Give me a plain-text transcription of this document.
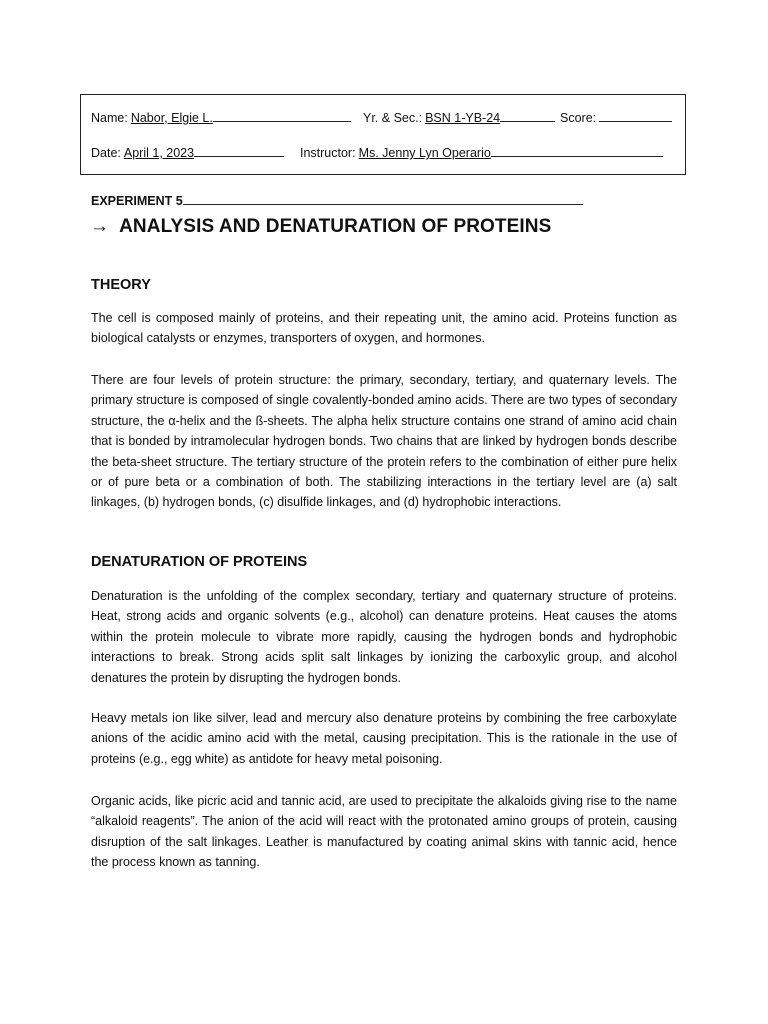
Name: Nabor, Elgie L.	Yr. & Sec.: BSN 1-YB-24	Score:
Date: April 1, 2023	Instructor: Ms. Jenny Lyn Operario
EXPERIMENT 5
→ ANALYSIS AND DENATURATION OF PROTEINS
THEORY

The cell is composed mainly of proteins, and their repeating unit, the amino acid. Proteins function as biological catalysts or enzymes, transporters of oxygen, and hormones.

There are four levels of protein structure: the primary, secondary, tertiary, and quaternary levels. The primary structure is composed of single covalently-bonded amino acids. There are two types of secondary structure, the α-helix and the ß-sheets. The alpha helix structure contains one strand of amino acid chain that is bonded by intramolecular hydrogen bonds. Two chains that are linked by hydrogen bonds describe the beta-sheet structure. The tertiary structure of the protein refers to the combination of either pure helix or of pure beta or a combination of both. The stabilizing interactions in the tertiary level are (a) salt linkages, (b) hydrogen bonds, (c) disulfide linkages, and (d) hydrophobic interactions.

DENATURATION OF PROTEINS

Denaturation is the unfolding of the complex secondary, tertiary and quaternary structure of proteins. Heat, strong acids and organic solvents (e.g., alcohol) can denature proteins. Heat causes the atoms within the protein molecule to vibrate more rapidly, causing the hydrogen bonds and hydrophobic interactions to break. Strong acids split salt linkages by ionizing the carboxylic group, and alcohol denatures the protein by disrupting the hydrogen bonds.

Heavy metals ion like silver, lead and mercury also denature proteins by combining the free carboxylate anions of the acidic amino acid with the metal, causing precipitation. This is the rationale in the use of proteins (e.g., egg white) as antidote for heavy metal poisoning.

Organic acids, like picric acid and tannic acid, are used to precipitate the alkaloids giving rise to the name “alkaloid reagents”. The anion of the acid will react with the protonated amino groups of protein, causing disruption of the salt linkages. Leather is manufactured by coating animal skins with tannic acid, hence the process known as tanning.
